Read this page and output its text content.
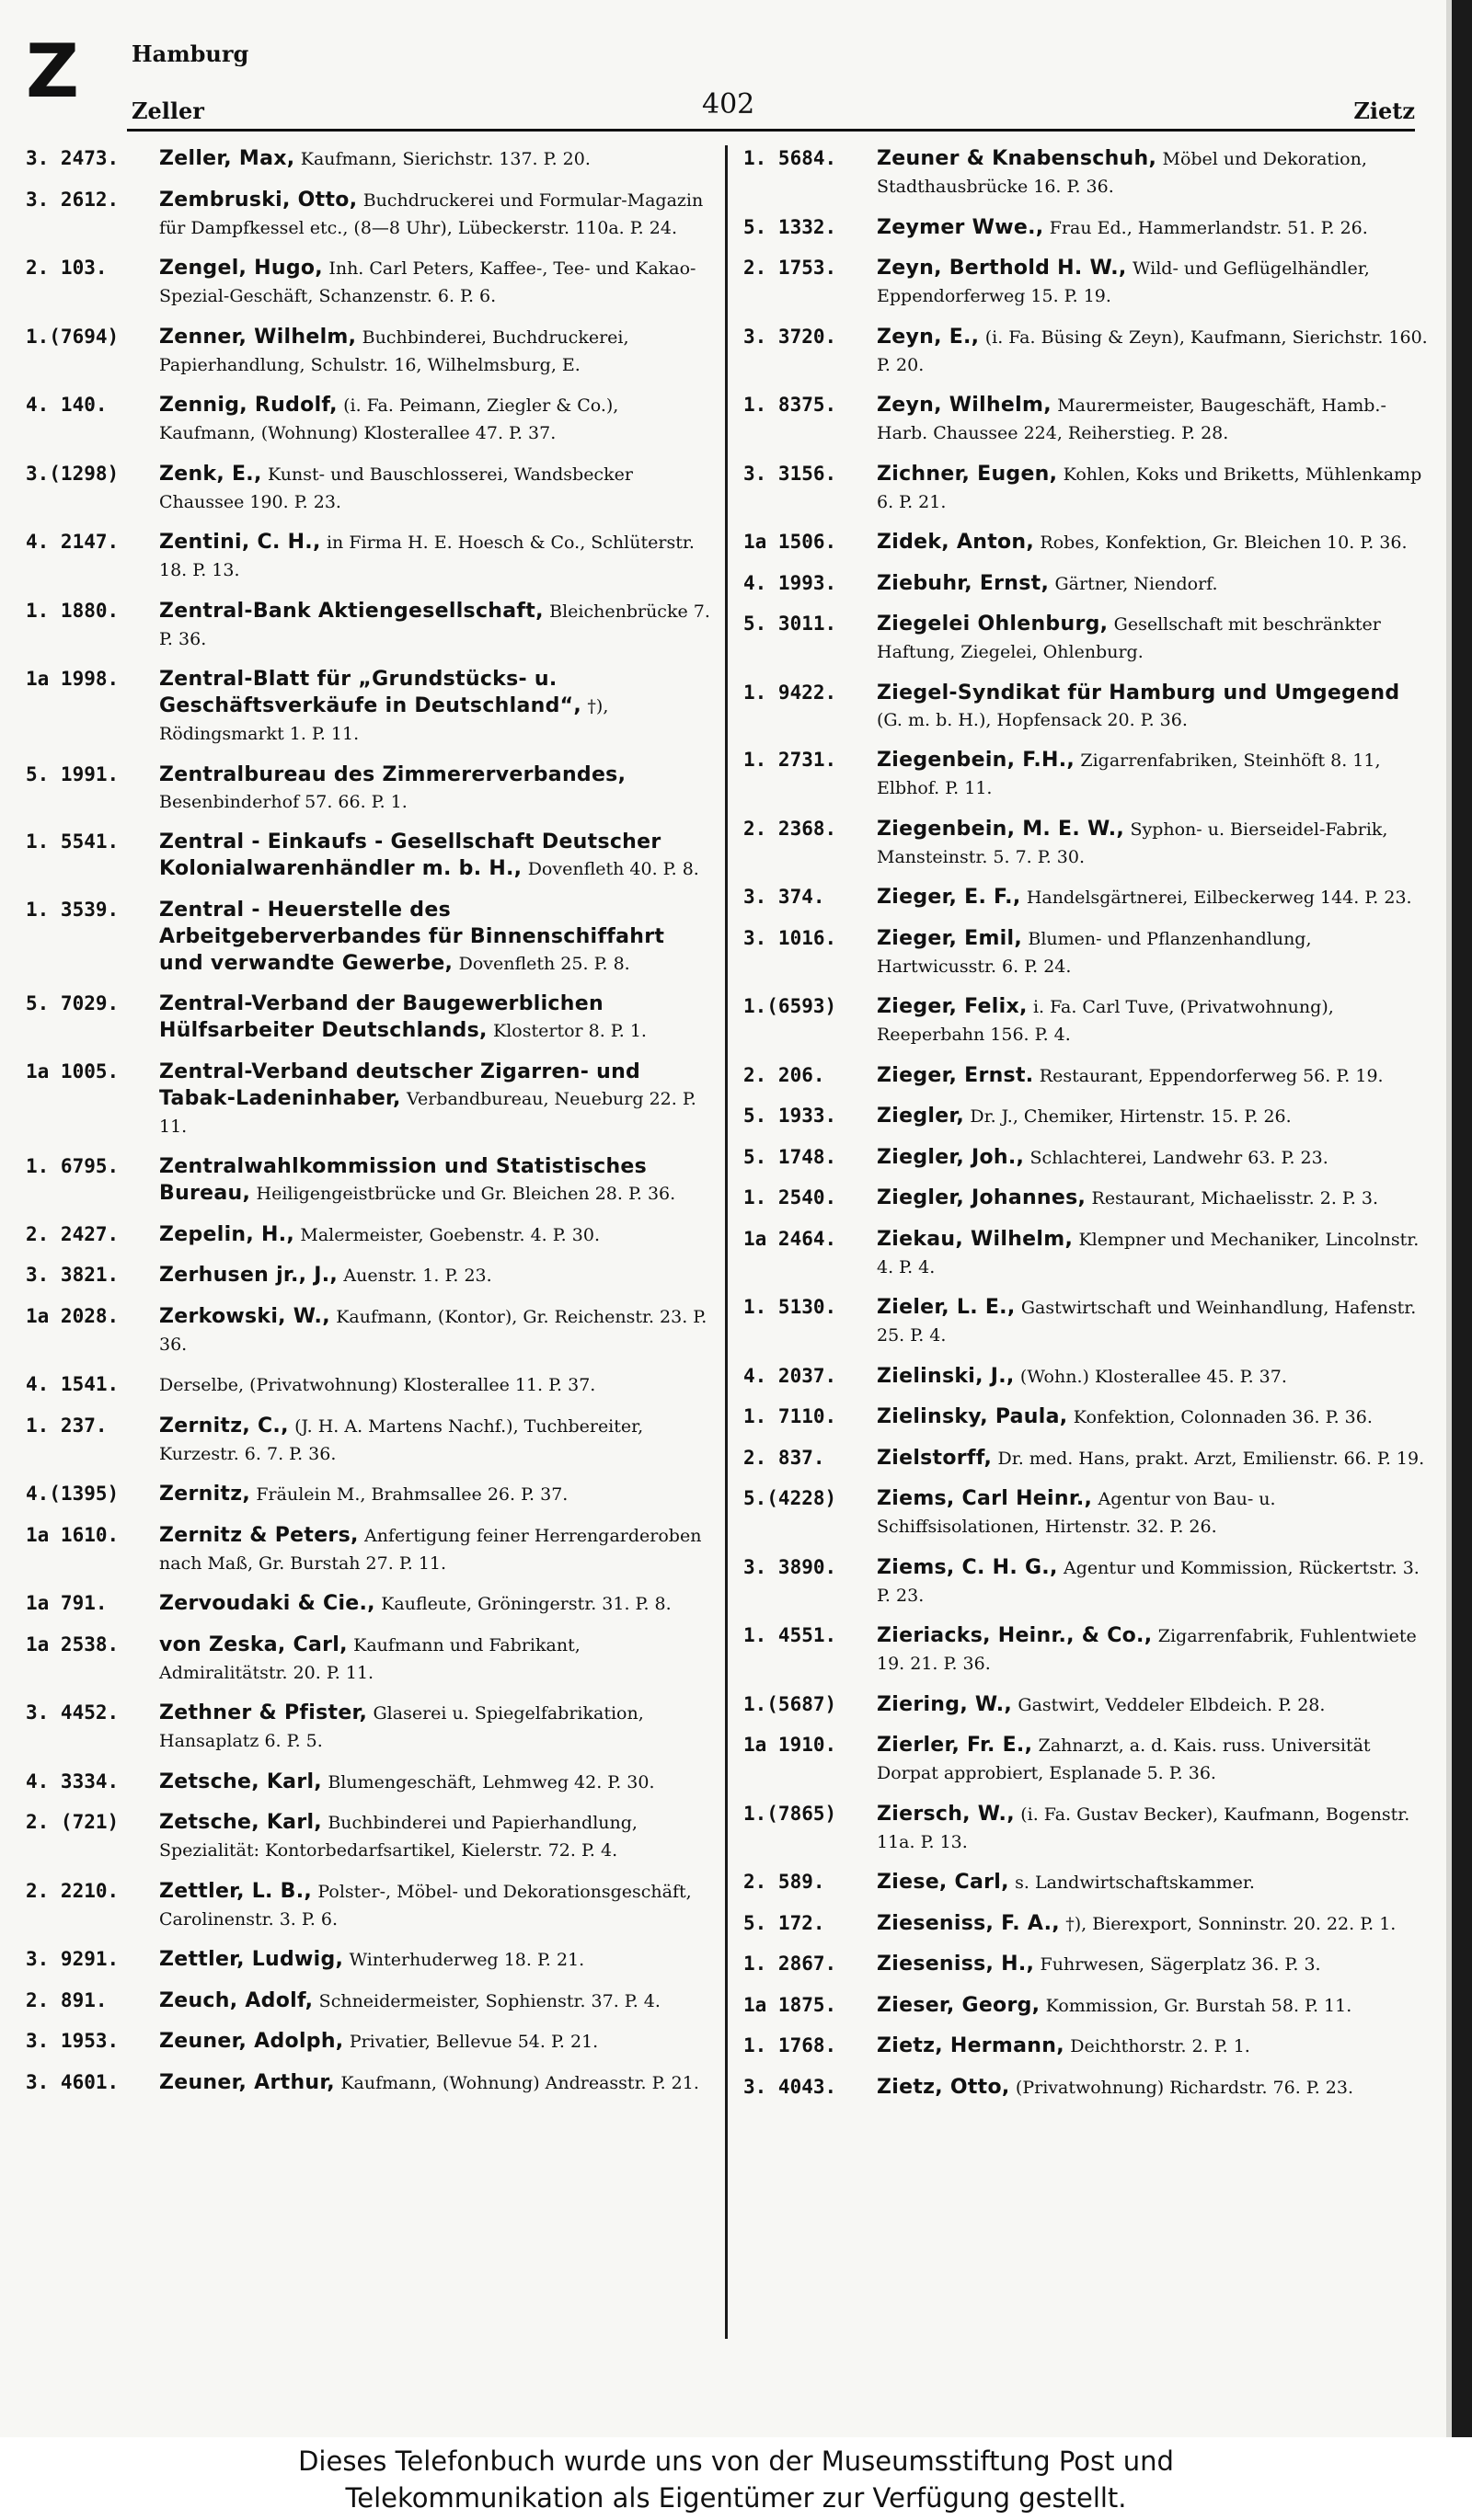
Z Hamburg
Zeller	402	Zietz
3. 2473.	Zeller, Max, Kaufmann, Sierichstr. 137. P. 20.
3. 2612.	Zembruski, Otto, Buchdruckerei und Formular-Magazin für Dampfkessel etc., (8—8 Uhr), Lübeckerstr. 110a. P. 24.
2. 103.	Zengel, Hugo, Inh. Carl Peters, Kaffee-, Tee- und Kakao-Spezial-Geschäft, Schanzenstr. 6. P. 6.
1.(7694)	Zenner, Wilhelm, Buchbinderei, Buchdruckerei, Papierhandlung, Schulstr. 16, Wilhelmsburg, E.
4. 140.	Zennig, Rudolf, (i. Fa. Peimann, Ziegler & Co.), Kaufmann, (Wohnung) Klosterallee 47. P. 37.
3.(1298)	Zenk, E., Kunst- und Bauschlosserei, Wandsbecker Chaussee 190. P. 23.
4. 2147.	Zentini, C. H., in Firma H. E. Hoesch & Co., Schlüterstr. 18. P. 13.
1. 1880.	Zentral-Bank Aktiengesellschaft, Bleichenbrücke 7. P. 36.
1a 1998.	Zentral-Blatt für „Grundstücks- u. Geschäftsverkäufe in Deutschland“, †), Rödingsmarkt 1. P. 11.
5. 1991.	Zentralbureau des Zimmererverbandes, Besenbinderhof 57. 66. P. 1.
1. 5541.	Zentral - Einkaufs - Gesellschaft Deutscher Kolonialwarenhändler m. b. H., Dovenfleth 40. P. 8.
1. 3539.	Zentral - Heuerstelle des Arbeitgeberverbandes für Binnenschiffahrt und verwandte Gewerbe, Dovenfleth 25. P. 8.
5. 7029.	Zentral-Verband der Baugewerblichen Hülfsarbeiter Deutschlands, Klostertor 8. P. 1.
1a 1005.	Zentral-Verband deutscher Zigarren- und Tabak-Ladeninhaber, Verbandbureau, Neueburg 22. P. 11.
1. 6795.	Zentralwahlkommission und Statistisches Bureau, Heiligengeistbrücke und Gr. Bleichen 28. P. 36.
2. 2427.	Zepelin, H., Malermeister, Goebenstr. 4. P. 30.
3. 3821.	Zerhusen jr., J., Auenstr. 1. P. 23.
1a 2028.	Zerkowski, W., Kaufmann, (Kontor), Gr. Reichenstr. 23. P. 36.
4. 1541.	Derselbe, (Privatwohnung) Klosterallee 11. P. 37.
1. 237.	Zernitz, C., (J. H. A. Martens Nachf.), Tuchbereiter, Kurzestr. 6. 7. P. 36.
4.(1395)	Zernitz, Fräulein M., Brahmsallee 26. P. 37.
1a 1610.	Zernitz & Peters, Anfertigung feiner Herrengarderoben nach Maß, Gr. Burstah 27. P. 11.
1a 791.	Zervoudaki & Cie., Kaufleute, Gröningerstr. 31. P. 8.
1a 2538.	von Zeska, Carl, Kaufmann und Fabrikant, Admiralitätstr. 20. P. 11.
3. 4452.	Zethner & Pfister, Glaserei u. Spiegelfabrikation, Hansaplatz 6. P. 5.
4. 3334.	Zetsche, Karl, Blumengeschäft, Lehmweg 42. P. 30.
2. (721)	Zetsche, Karl, Buchbinderei und Papierhandlung, Spezialität: Kontorbedarfsartikel, Kielerstr. 72. P. 4.
2. 2210.	Zettler, L. B., Polster-, Möbel- und Dekorationsgeschäft, Carolinenstr. 3. P. 6.
3. 9291.	Zettler, Ludwig, Winterhuderweg 18. P. 21.
2. 891.	Zeuch, Adolf, Schneidermeister, Sophienstr. 37. P. 4.
3. 1953.	Zeuner, Adolph, Privatier, Bellevue 54. P. 21.
3. 4601.	Zeuner, Arthur, Kaufmann, (Wohnung) Andreasstr. P. 21.
1. 5684.	Zeuner & Knabenschuh, Möbel und Dekoration, Stadthausbrücke 16. P. 36.
5. 1332.	Zeymer Wwe., Frau Ed., Hammerlandstr. 51. P. 26.
2. 1753.	Zeyn, Berthold H. W., Wild- und Geflügelhändler, Eppendorferweg 15. P. 19.
3. 3720.	Zeyn, E., (i. Fa. Büsing & Zeyn), Kaufmann, Sierichstr. 160. P. 20.
1. 8375.	Zeyn, Wilhelm, Maurermeister, Baugeschäft, Hamb.-Harb. Chaussee 224, Reiherstieg. P. 28.
3. 3156.	Zichner, Eugen, Kohlen, Koks und Briketts, Mühlenkamp 6. P. 21.
1a 1506.	Zidek, Anton, Robes, Konfektion, Gr. Bleichen 10. P. 36.
4. 1993.	Ziebuhr, Ernst, Gärtner, Niendorf.
5. 3011.	Ziegelei Ohlenburg, Gesellschaft mit beschränkter Haftung, Ziegelei, Ohlenburg.
1. 9422.	Ziegel-Syndikat für Hamburg und Umgegend (G. m. b. H.), Hopfensack 20. P. 36.
1. 2731.	Ziegenbein, F.H., Zigarrenfabriken, Steinhöft 8. 11, Elbhof. P. 11.
2. 2368.	Ziegenbein, M. E. W., Syphon- u. Bierseidel-Fabrik, Mansteinstr. 5. 7. P. 30.
3. 374.	Zieger, E. F., Handelsgärtnerei, Eilbeckerweg 144. P. 23.
3. 1016.	Zieger, Emil, Blumen- und Pflanzenhandlung, Hartwicusstr. 6. P. 24.
1.(6593)	Zieger, Felix, i. Fa. Carl Tuve, (Privatwohnung), Reeperbahn 156. P. 4.
2. 206.	Zieger, Ernst. Restaurant, Eppendorferweg 56. P. 19.
5. 1933.	Ziegler, Dr. J., Chemiker, Hirtenstr. 15. P. 26.
5. 1748.	Ziegler, Joh., Schlachterei, Landwehr 63. P. 23.
1. 2540.	Ziegler, Johannes, Restaurant, Michaelisstr. 2. P. 3.
1a 2464.	Ziekau, Wilhelm, Klempner und Mechaniker, Lincolnstr. 4. P. 4.
1. 5130.	Zieler, L. E., Gastwirtschaft und Weinhandlung, Hafenstr. 25. P. 4.
4. 2037.	Zielinski, J., (Wohn.) Klosterallee 45. P. 37.
1. 7110.	Zielinsky, Paula, Konfektion, Colonnaden 36. P. 36.
2. 837.	Zielstorff, Dr. med. Hans, prakt. Arzt, Emilienstr. 66. P. 19.
5.(4228)	Ziems, Carl Heinr., Agentur von Bau- u. Schiffsisolationen, Hirtenstr. 32. P. 26.
3. 3890.	Ziems, C. H. G., Agentur und Kommission, Rückertstr. 3. P. 23.
1. 4551.	Zieriacks, Heinr., & Co., Zigarrenfabrik, Fuhlentwiete 19. 21. P. 36.
1.(5687)	Ziering, W., Gastwirt, Veddeler Elbdeich. P. 28.
1a 1910.	Zierler, Fr. E., Zahnarzt, a. d. Kais. russ. Universität Dorpat approbiert, Esplanade 5. P. 36.
1.(7865)	Ziersch, W., (i. Fa. Gustav Becker), Kaufmann, Bogenstr. 11a. P. 13.
2. 589.	Ziese, Carl, s. Landwirtschaftskammer.
5. 172.	Zieseniss, F. A., †), Bierexport, Sonninstr. 20. 22. P. 1.
1. 2867.	Zieseniss, H., Fuhrwesen, Sägerplatz 36. P. 3.
1a 1875.	Zieser, Georg, Kommission, Gr. Burstah 58. P. 11.
1. 1768.	Zietz, Hermann, Deichthorstr. 2. P. 1.
3. 4043.	Zietz, Otto, (Privatwohnung) Richardstr. 76. P. 23.
Dieses Telefonbuch wurde uns von der Museumsstiftung Post und
Telekommunikation als Eigentümer zur Verfügung gestellt.
